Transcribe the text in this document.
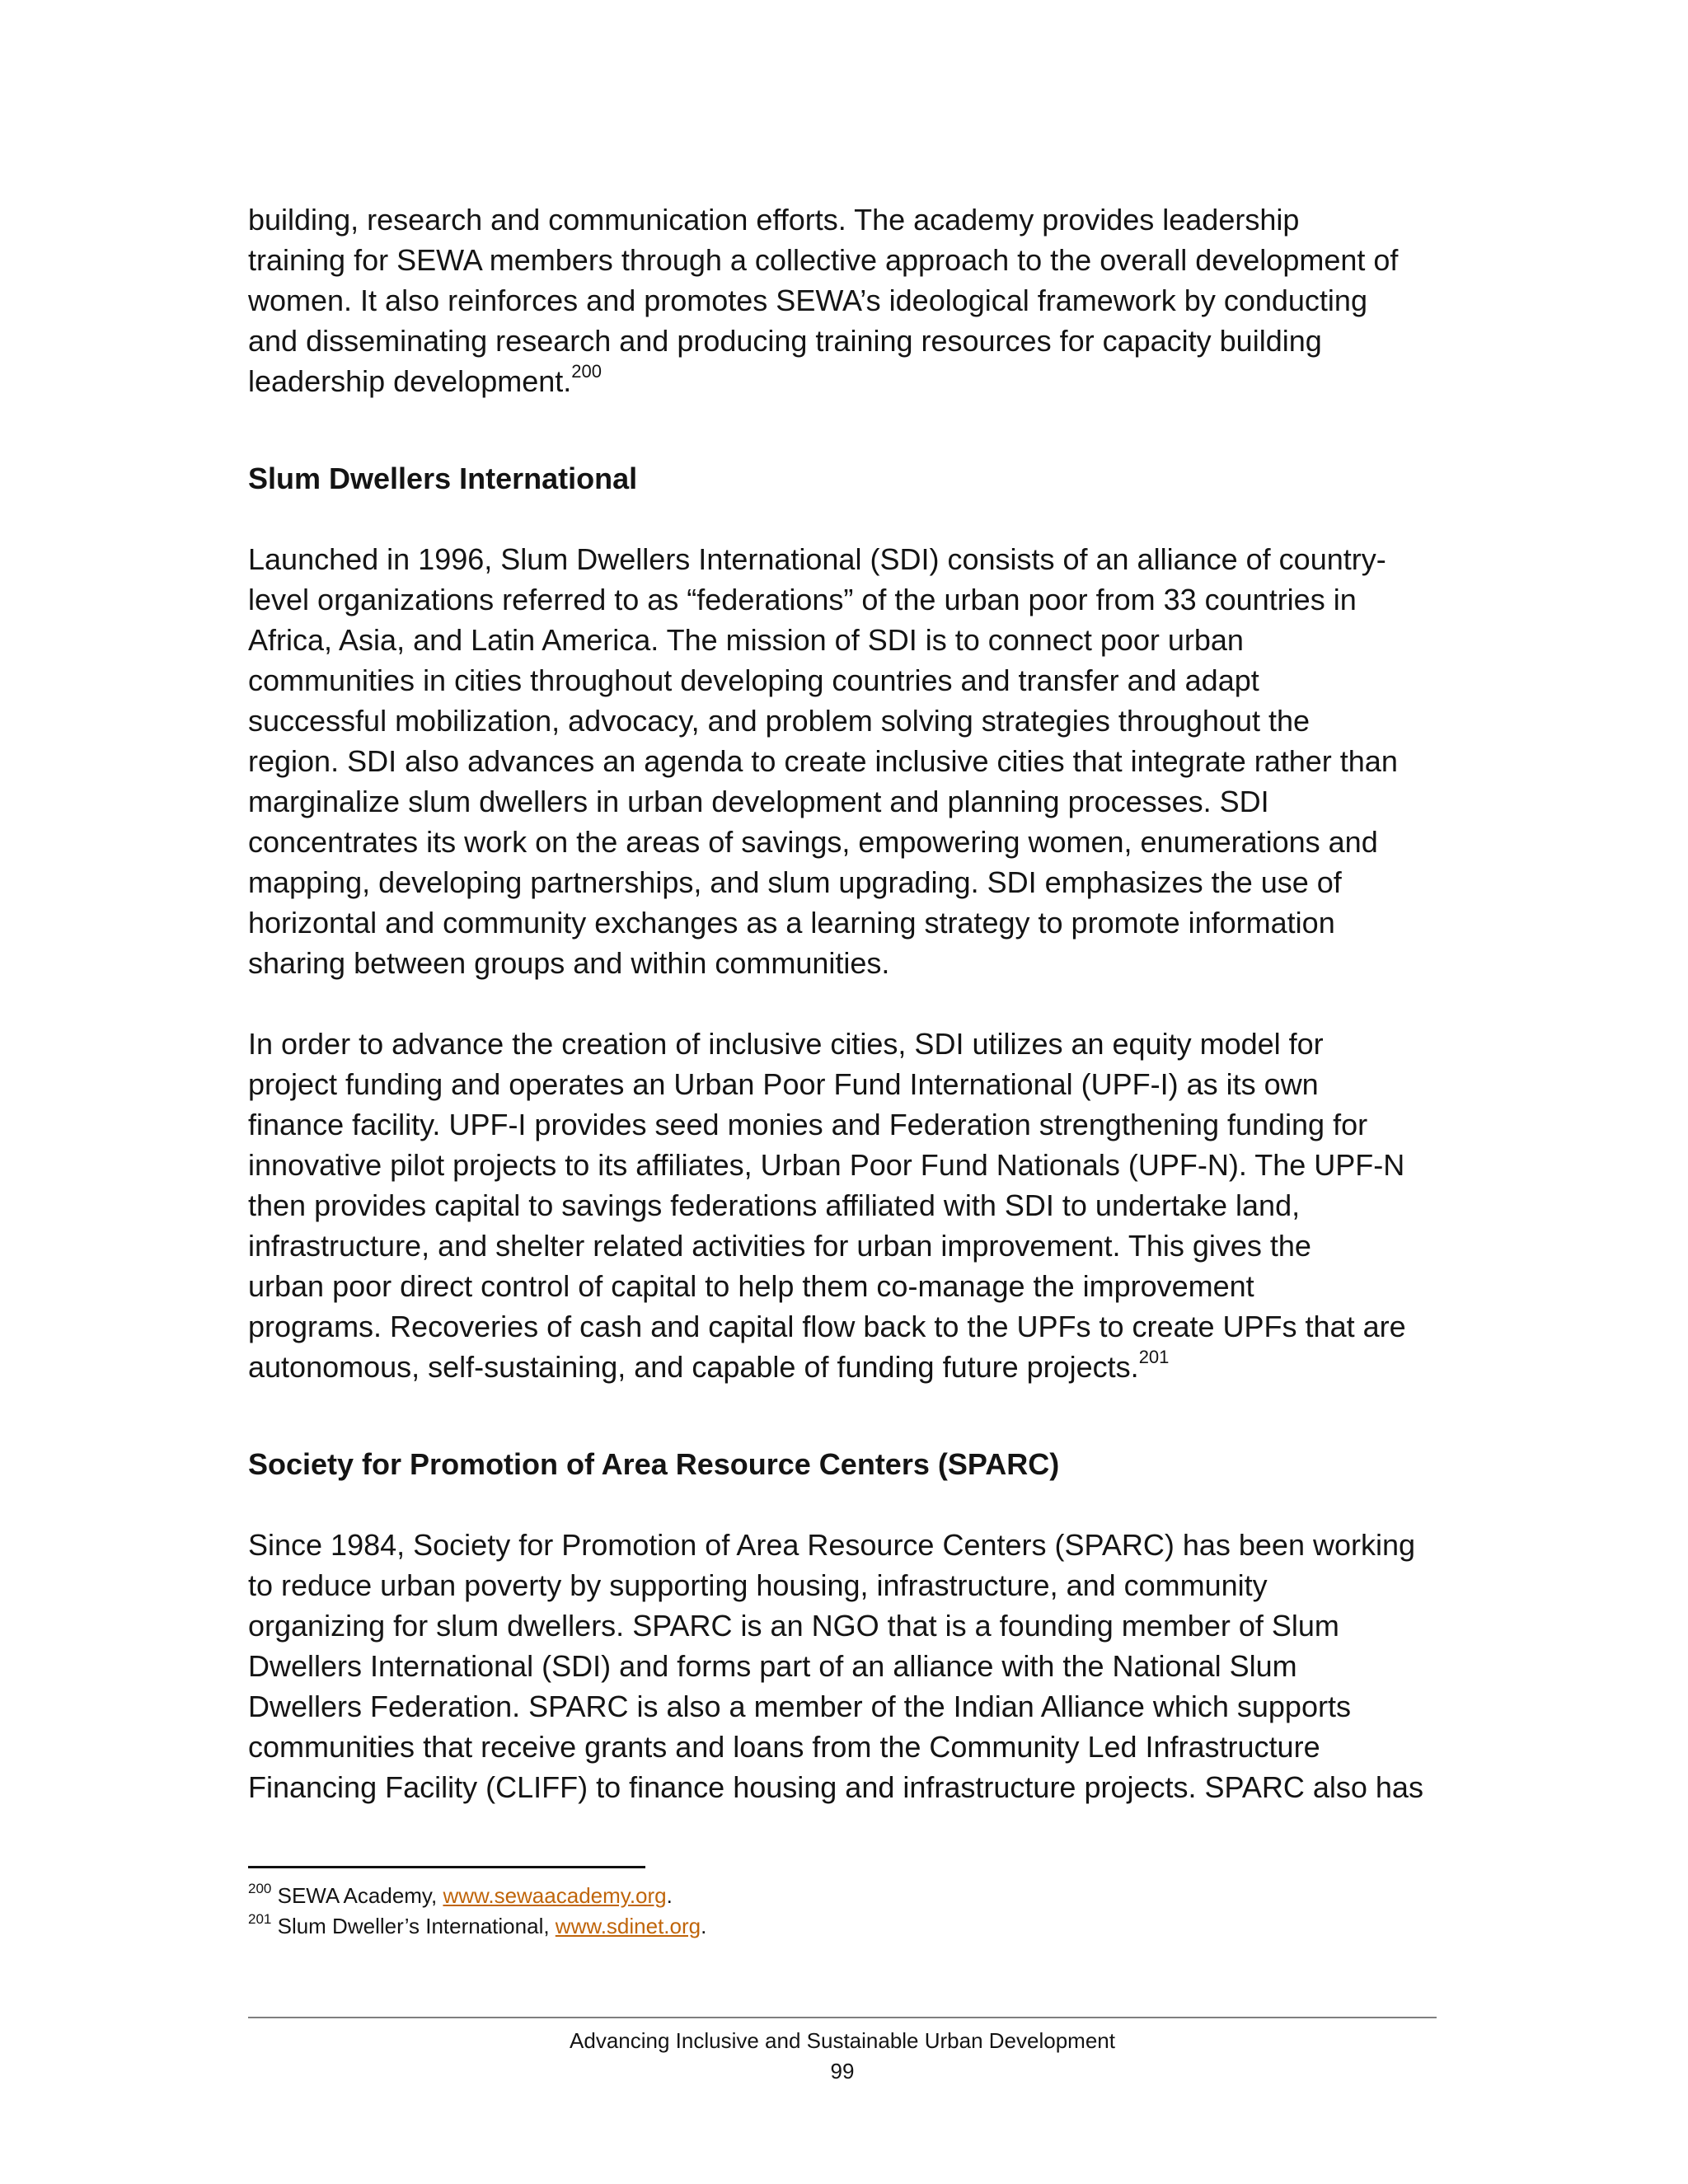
building, research and communication efforts. The academy provides leadership
training for SEWA members through a collective approach to the overall development of
women. It also reinforces and promotes SEWA’s ideological framework by conducting
and disseminating research and producing training resources for capacity building
leadership development.$^{200}$

Slum Dwellers International

Launched in 1996, Slum Dwellers International (SDI) consists of an alliance of country-
level organizations referred to as “federations” of the urban poor from 33 countries in
Africa, Asia, and Latin America. The mission of SDI is to connect poor urban
communities in cities throughout developing countries and transfer and adapt
successful mobilization, advocacy, and problem solving strategies throughout the
region. SDI also advances an agenda to create inclusive cities that integrate rather than
marginalize slum dwellers in urban development and planning processes. SDI
concentrates its work on the areas of savings, empowering women, enumerations and
mapping, developing partnerships, and slum upgrading. SDI emphasizes the use of
horizontal and community exchanges as a learning strategy to promote information
sharing between groups and within communities.

In order to advance the creation of inclusive cities, SDI utilizes an equity model for
project funding and operates an Urban Poor Fund International (UPF-I) as its own
finance facility. UPF-I provides seed monies and Federation strengthening funding for
innovative pilot projects to its affiliates, Urban Poor Fund Nationals (UPF-N). The UPF-N
then provides capital to savings federations affiliated with SDI to undertake land,
infrastructure, and shelter related activities for urban improvement. This gives the
urban poor direct control of capital to help them co-manage the improvement
programs. Recoveries of cash and capital flow back to the UPFs to create UPFs that are
autonomous, self-sustaining, and capable of funding future projects.$^{201}$

Society for Promotion of Area Resource Centers (SPARC)

Since 1984, Society for Promotion of Area Resource Centers (SPARC) has been working
to reduce urban poverty by supporting housing, infrastructure, and community
organizing for slum dwellers. SPARC is an NGO that is a founding member of Slum
Dwellers International (SDI) and forms part of an alliance with the National Slum
Dwellers Federation. SPARC is also a member of the Indian Alliance which supports
communities that receive grants and loans from the Community Led Infrastructure
Financing Facility (CLIFF) to finance housing and infrastructure projects. SPARC also has

$^{200}$ SEWA Academy, www.sewaacademy.org.

$^{201}$ Slum Dweller’s International, www.sdinet.org.

Advancing Inclusive and Sustainable Urban Development

99
